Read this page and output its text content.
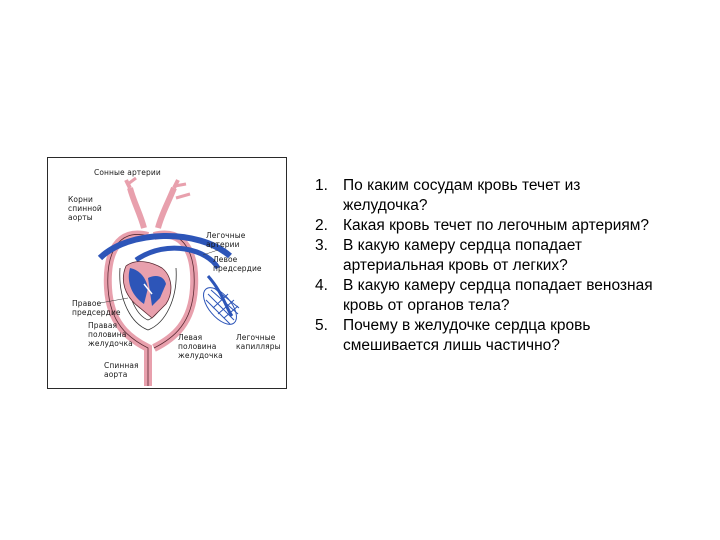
Сонные артерии
Корни
спинной
аорты
Легочные
артерии
Левое
предсердие
Правое
предсердие
Правая
половина
желудочка
Левая
половина
желудочка
Легочные
капилляры
Спинная
аорта
1. По каким сосудам кровь течет из желудочка?
2. Какая кровь течет по легочным артериям?
3. В какую камеру сердца попадает артериальная кровь от легких?
4. В какую камеру сердца попадает венозная кровь от органов тела?
5. Почему в желудочке сердца кровь смешивается лишь частично?
